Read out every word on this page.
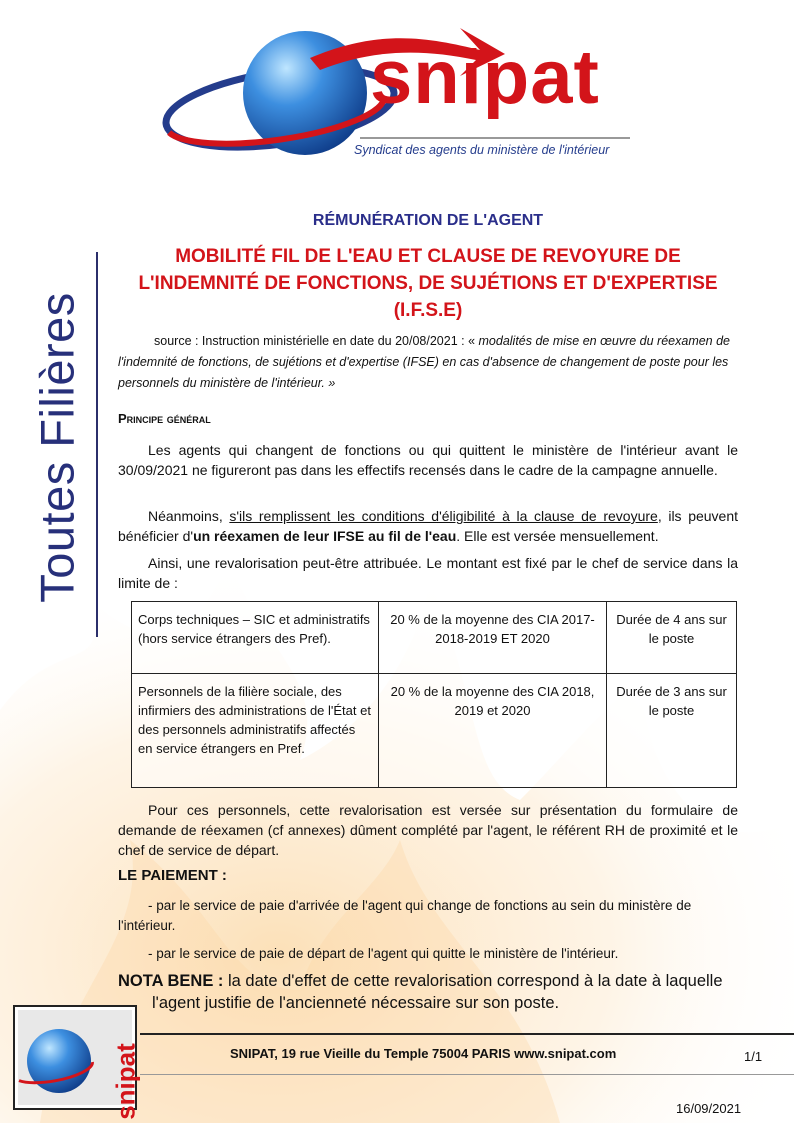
snipat
Syndicat des agents du ministère de l'intérieur
Toutes Filières
RÉMUNÉRATION DE L'AGENT
MOBILITÉ FIL DE L'EAU ET CLAUSE DE REVOYURE DE
L'INDEMNITÉ DE FONCTIONS, DE SUJÉTIONS ET D'EXPERTISE
(I.F.S.E)
source : Instruction ministérielle en date du 20/08/2021 : « modalités de mise en œuvre du réexamen de l'indemnité de fonctions, de sujétions et d'expertise (IFSE) en cas d'absence de changement de poste pour les personnels du ministère de l'intérieur. »
Principe général
Les agents qui changent de fonctions ou qui quittent le ministère de l'intérieur avant le 30/09/2021 ne figureront pas dans les effectifs recensés dans le cadre de la campagne annuelle.
Néanmoins, s'ils remplissent les conditions d'éligibilité à la clause de revoyure, ils peuvent bénéficier d'un réexamen de leur IFSE au fil de l'eau. Elle est versée mensuellement.
Ainsi, une revalorisation peut-être attribuée. Le montant est fixé par le chef de service dans la limite de :
Corps techniques – SIC et administratifs (hors service étrangers des Pref).	20 % de la moyenne des CIA 2017-2018-2019 ET 2020	Durée de 4 ans sur le poste
Personnels de la filière sociale, des infirmiers des administrations de l'État et des personnels administratifs affectés en service étrangers en Pref.	20 % de la moyenne des CIA 2018, 2019 et 2020	Durée de 3 ans sur le poste
Pour ces personnels, cette revalorisation est versée sur présentation du formulaire de demande de réexamen (cf annexes) dûment complété par l'agent, le référent RH de proximité et le chef de service de départ.
LE PAIEMENT :
- par le service de paie d'arrivée de l'agent qui change de fonctions au sein du ministère de l'intérieur.
- par le service de paie de départ de l'agent qui quitte le ministère de l'intérieur.
NOTA BENE : la date d'effet de cette revalorisation correspond à la date à laquelle
l'agent justifie de l'ancienneté nécessaire sur son poste.
snipat	SNIPAT, 19 rue Vieille du Temple 75004 PARIS www.snipat.com	1/1
16/09/2021
